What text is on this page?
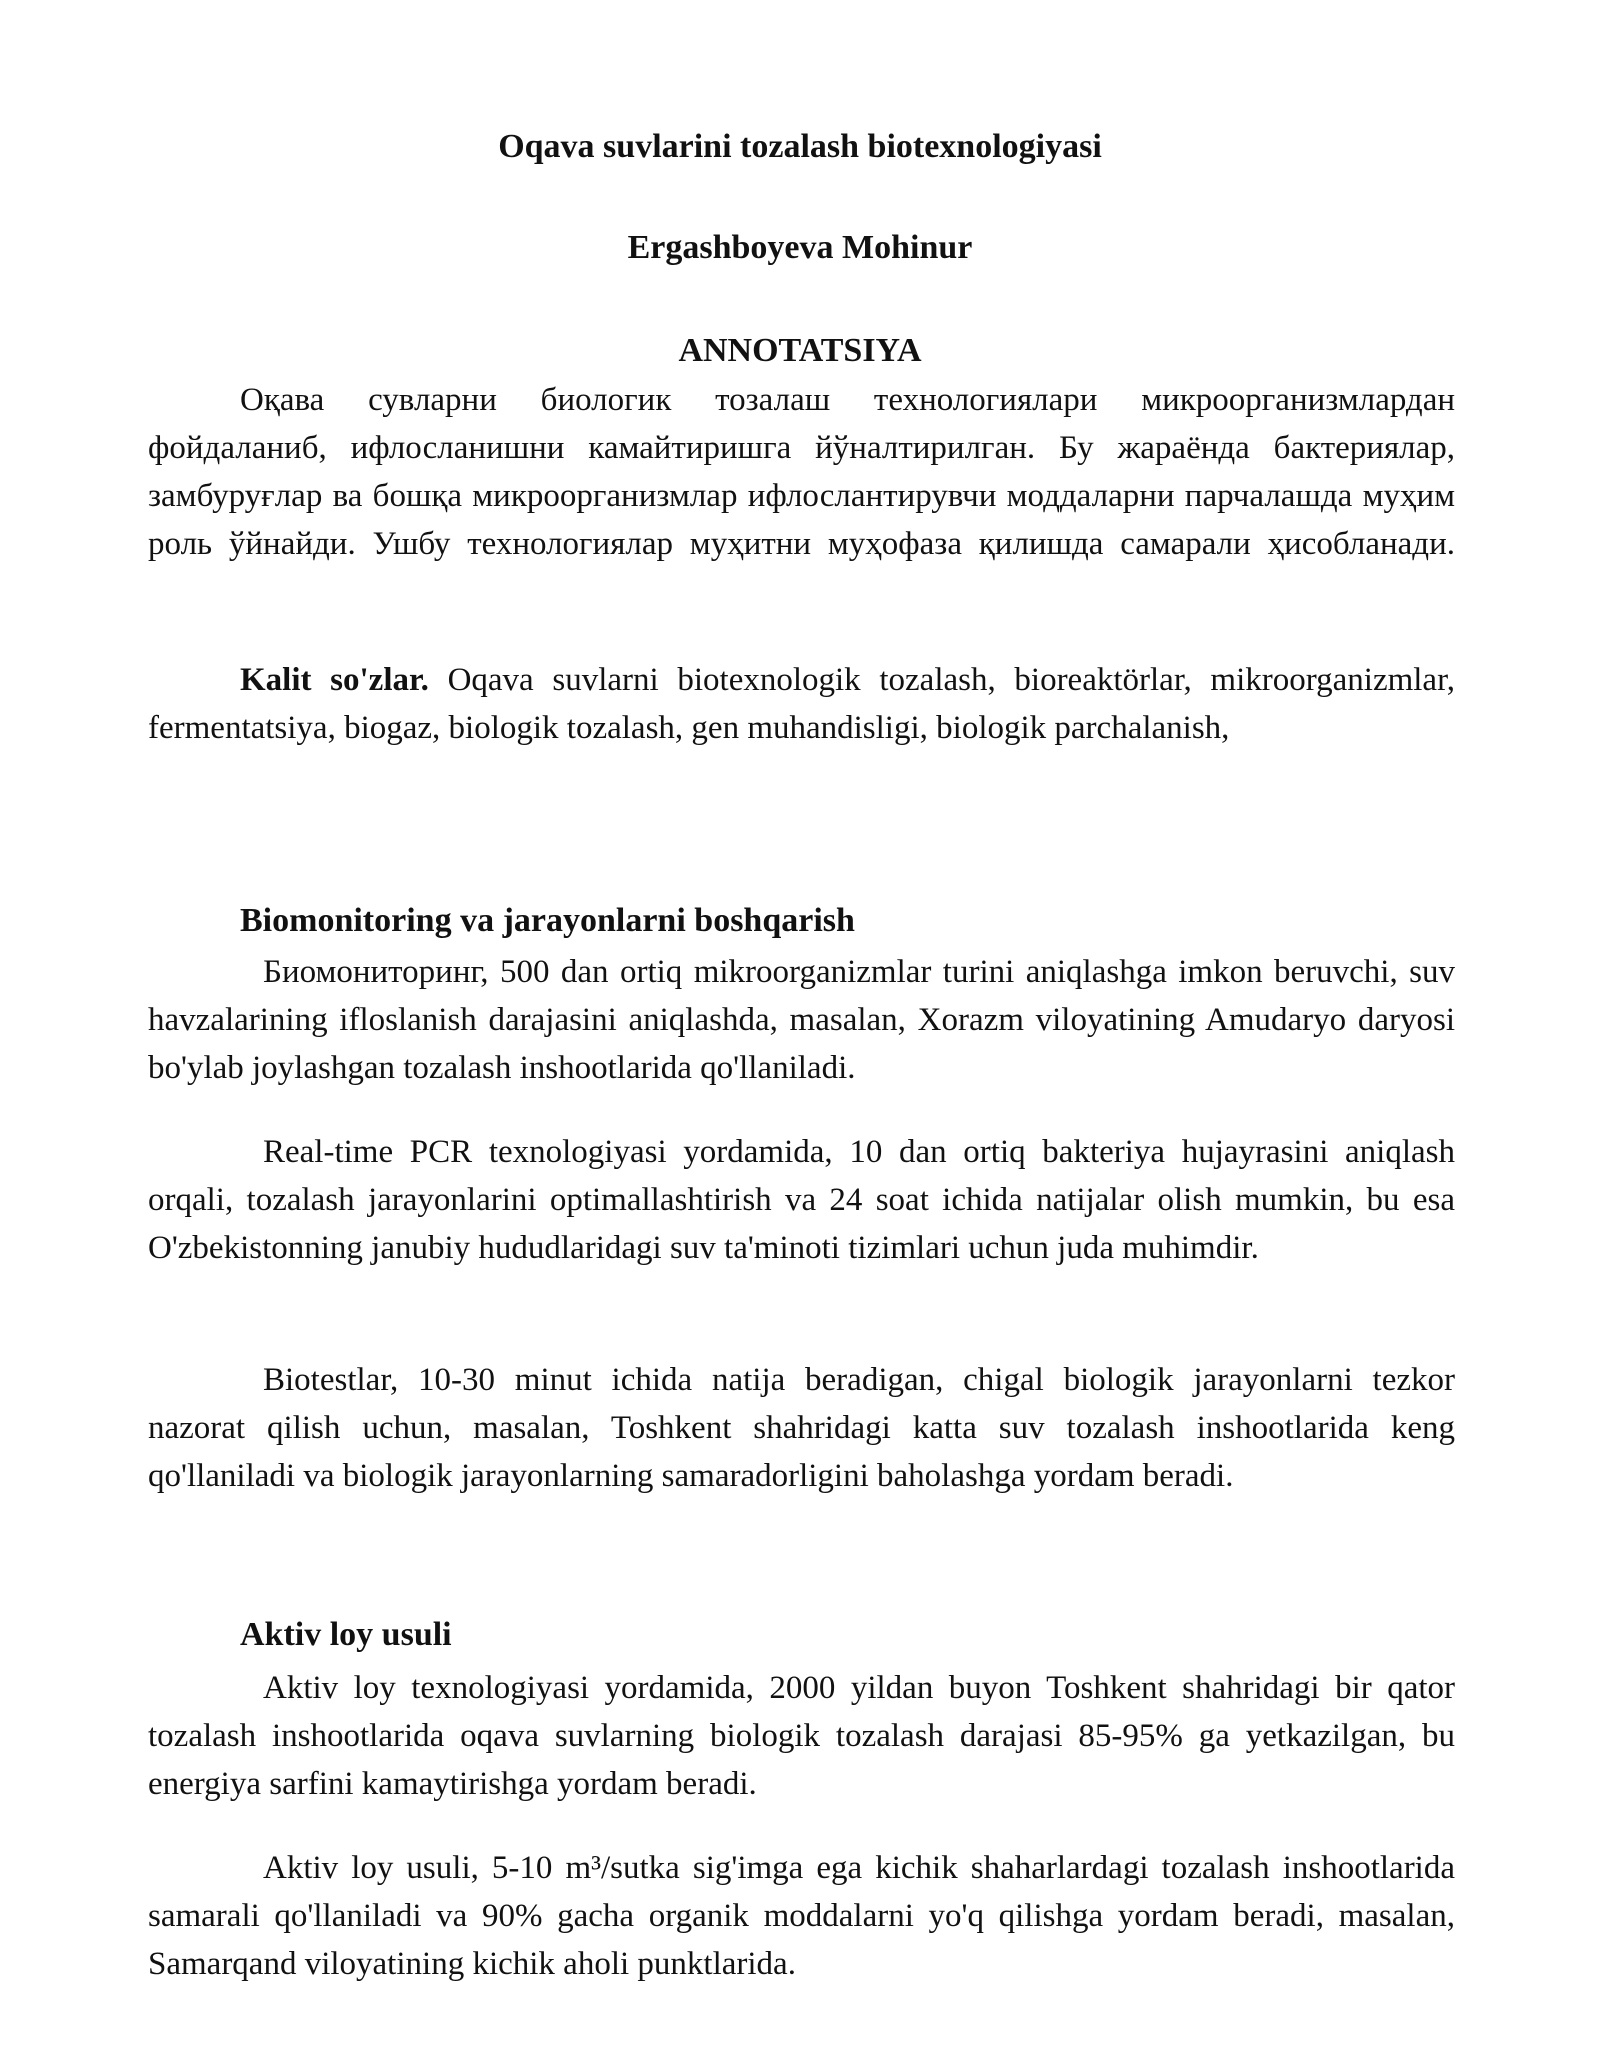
Oqava suvlarini tozalash biotexnologiyasi
Ergashboyeva Mohinur
ANNOTATSIYA

Оқава сувларни биологик тозалаш технологиялари микроорганизмлардан фойдаланиб, ифлосланишни камайтиришга йўналтирилган. Бу жараёнда бактериялар, замбуруғлар ва бошқа микроорганизмлар ифлослантирувчи моддаларни парчалашда муҳим роль ўйнайди. Ушбу технологиялар муҳитни муҳофаза қилишда самарали ҳисобланади.

Kalit so'zlar. Oqava suvlarni biotexnologik tozalash, bioreaktörlar, mikroorganizmlar, fermentatsiya, biogaz, biologik tozalash, gen muhandisligi, biologik parchalanish,

Biomonitoring va jarayonlarni boshqarish

Биомониторинг, 500 dan ortiq mikroorganizmlar turini aniqlashga imkon beruvchi, suv havzalarining ifloslanish darajasini aniqlashda, masalan, Xorazm viloyatining Amudaryo daryosi bo'ylab joylashgan tozalash inshootlarida qo'llaniladi.

Real-time PCR texnologiyasi yordamida, 10 dan ortiq bakteriya hujayrasini aniqlash orqali, tozalash jarayonlarini optimallashtirish va 24 soat ichida natijalar olish mumkin, bu esa O'zbekistonning janubiy hududlaridagi suv ta'minoti tizimlari uchun juda muhimdir.

Biotestlar, 10-30 minut ichida natija beradigan, chigal biologik jarayonlarni tezkor nazorat qilish uchun, masalan, Toshkent shahridagi katta suv tozalash inshootlarida keng qo'llaniladi va biologik jarayonlarning samaradorligini baholashga yordam beradi.

Aktiv loy usuli

Aktiv loy texnologiyasi yordamida, 2000 yildan buyon Toshkent shahridagi bir qator tozalash inshootlarida oqava suvlarning biologik tozalash darajasi 85-95% ga yetkazilgan, bu energiya sarfini kamaytirishga yordam beradi.

Aktiv loy usuli, 5-10 m³/sutka sig'imga ega kichik shaharlardagi tozalash inshootlarida samarali qo'llaniladi va 90% gacha organik moddalarni yo'q qilishga yordam beradi, masalan, Samarqand viloyatining kichik aholi punktlarida.
